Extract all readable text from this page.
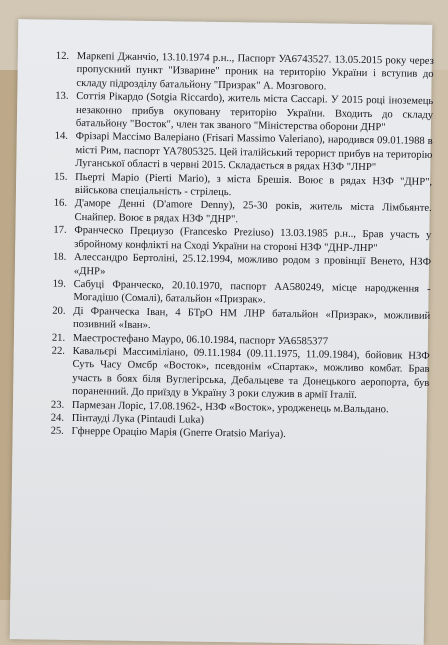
12. Маркепі Джанчіо, 13.10.1974 р.н.., Паспорт УА6743527. 13.05.2015 року через пропускний пункт "Изварине" проник на територію України і вступив до складу підрозділу батальйону "Призрак" А. Мозгового.
13. Соттія Рікардо (Sotgia Riccardo), житель міста Сассарі. У 2015 році іноземець незаконно прибув окуповану територію України. Входить до складу батальйону "Восток", член так званого "Міністерства оборони ДНР"
14. Фрізарі Массімо Валеріано (Frisari Massimo Valeriano), народився 09.01.1988 в місті Рим, паспорт YA7805325. Цей італійський терорист прибув на територію Луганської області в червні 2015. Складається в рядах НЗФ "ЛНР"
15. Пьерті Маріо (Pierti Mario), з міста Брешія. Воює в рядах НЗФ "ДНР", військова спеціальність - стрілець.
16. Д'аморе Денні (D'amore Denny), 25-30 років, житель міста Лімбьянте. Снайпер. Воює в рядах НЗФ "ДНР".
17. Франческо Прециузо (Francesko Preziuso) 13.03.1985 р.н.., Брав участь у збройному конфлікті на Сході України на стороні НЗФ "ДНР-ЛНР"
18. Алессандро Бертоліні, 25.12.1994, можливо родом з провінції Венето, НЗФ «ДНР»
19. Сабуці Франческо, 20.10.1970, паспорт АА580249, місце народження - Могадішо (Сомалі), батальйон «Призрак».
20. Ді Франческа Іван, 4 БТрО НМ ЛНР батальйон «Призрак», можливий позивний «Іван».
21. Маестростефано Мауро, 06.10.1984, паспорт УА6585377
22. Кавальєрі Массиміліано, 09.11.1984 (09.11.1975, 11.09.1984), бойовик НЗФ Суть Часу Омсбр «Восток», псевдонім «Спартак», можливо комбат. Брав участь в боях біля Вуглегірська, Дебальцеве та Донецького аеропорта, був пораненний. До приїзду в Україну 3 роки служив в армії Італії.
23. Пармезан Лоріс, 17.08.1962-, НЗФ «Восток», уродженець м.Вальдано.
24. Пінтауді Лука (Pintaudi Luka)
25. Гфнерре Орацію Марія (Gnerre Oratsio Mariya).
